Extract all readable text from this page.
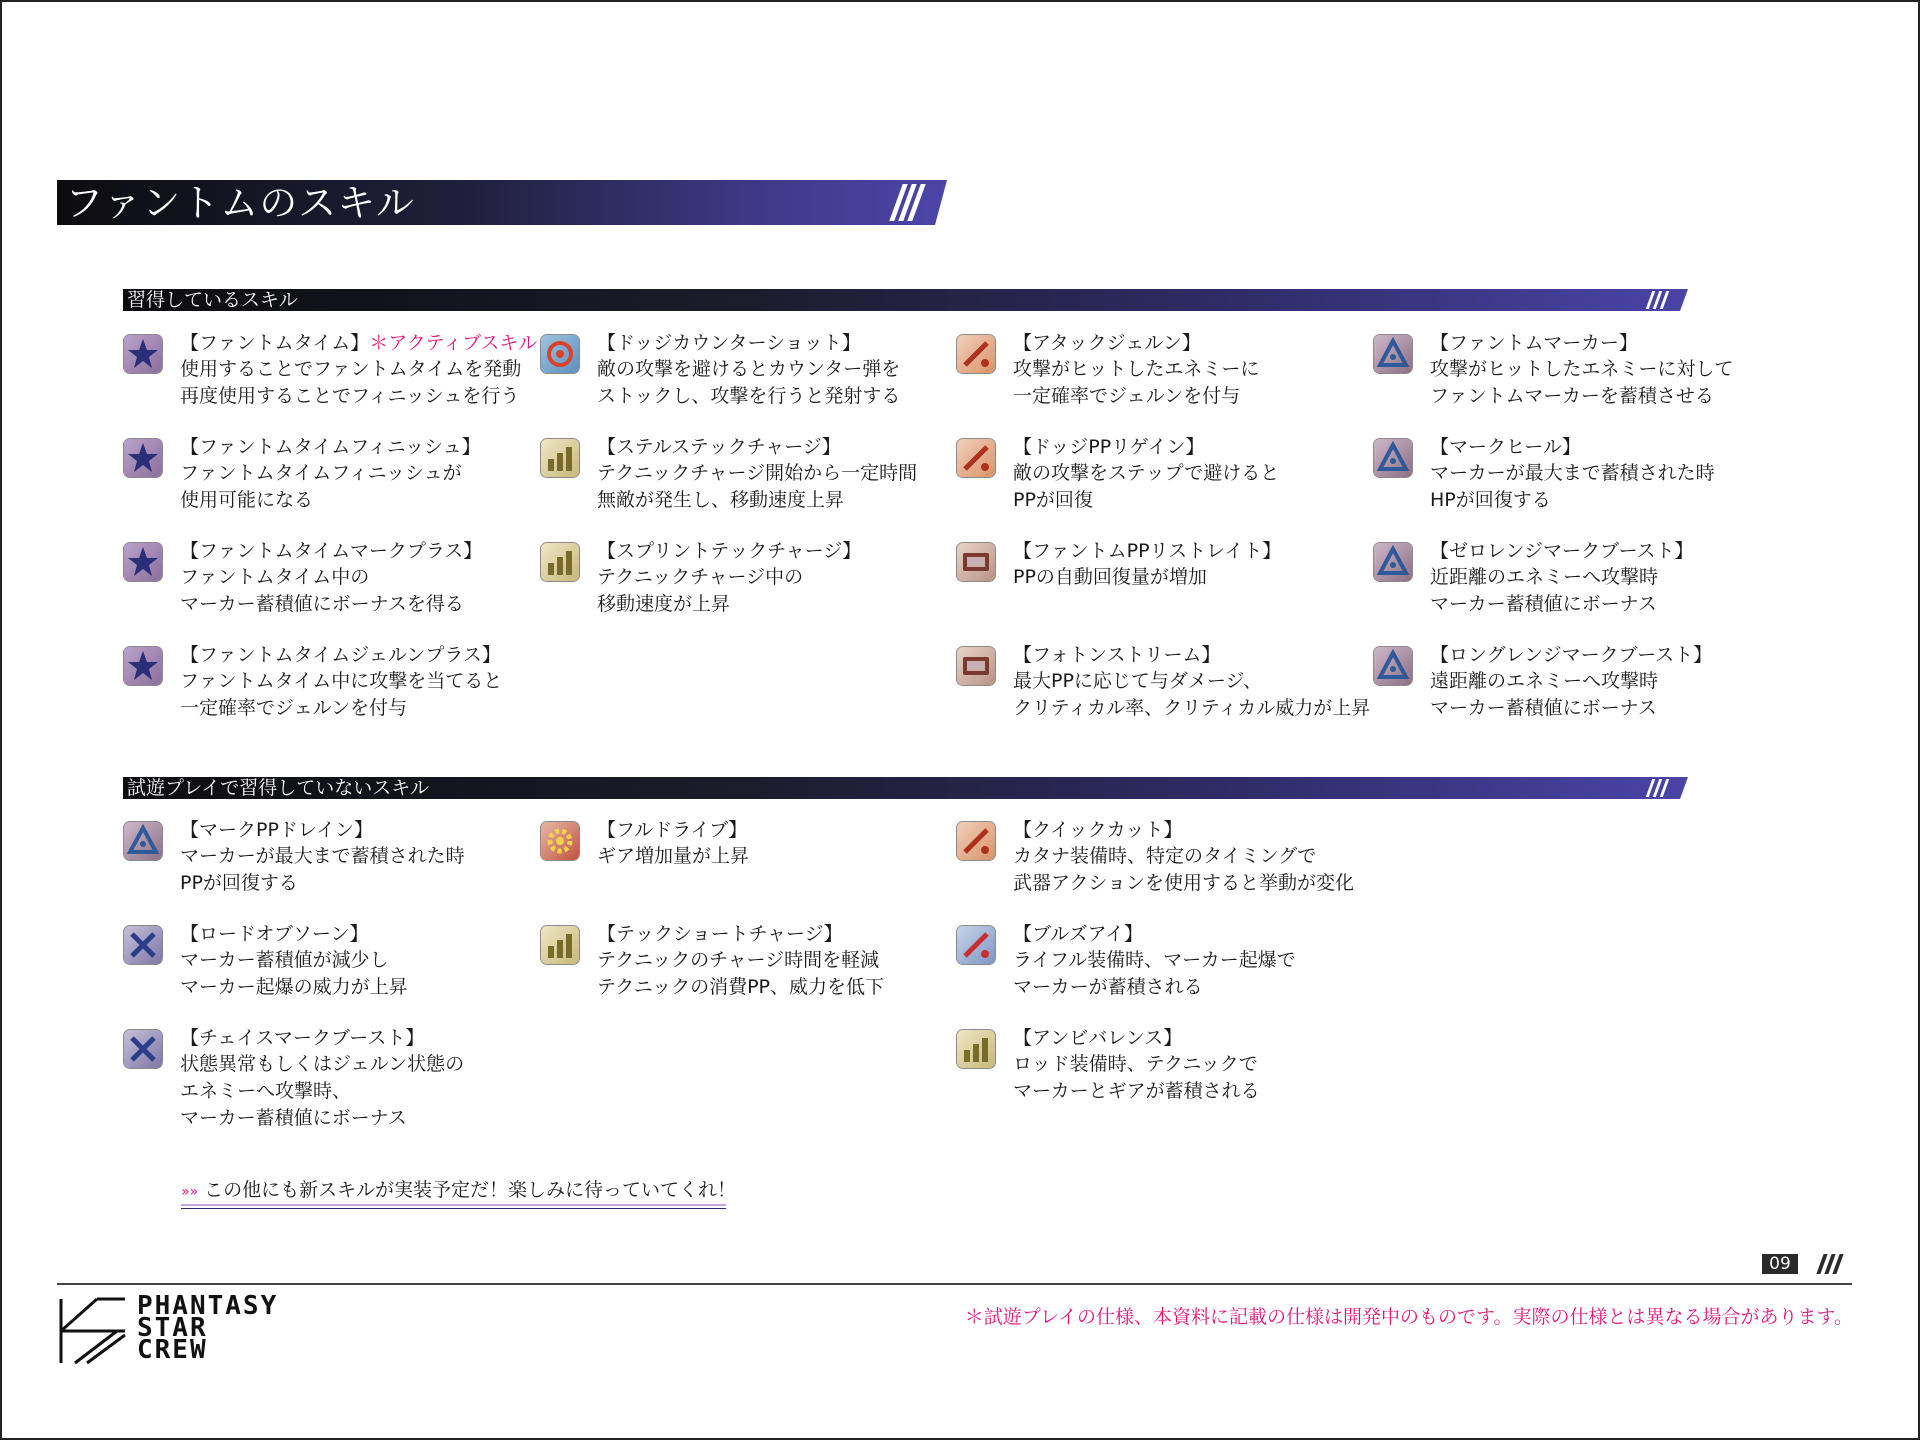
ファントムのスキル
習得しているスキル
試遊プレイで習得していないスキル
【ファントムタイム】＊アクティブスキル
使用することでファントムタイムを発動
再度使用することでフィニッシュを行う
【ファントムタイムフィニッシュ】
ファントムタイムフィニッシュが
使用可能になる
【ファントムタイムマークプラス】
ファントムタイム中の
マーカー蓄積値にボーナスを得る
【ファントムタイムジェルンプラス】
ファントムタイム中に攻撃を当てると
一定確率でジェルンを付与
【ドッジカウンターショット】
敵の攻撃を避けるとカウンター弾を
ストックし、攻撃を行うと発射する
【ステルステックチャージ】
テクニックチャージ開始から一定時間
無敵が発生し、移動速度上昇
【スプリントテックチャージ】
テクニックチャージ中の
移動速度が上昇
【アタックジェルン】
攻撃がヒットしたエネミーに
一定確率でジェルンを付与
【ドッジPPリゲイン】
敵の攻撃をステップで避けると
PPが回復
【ファントムPPリストレイト】
PPの自動回復量が増加
【フォトンストリーム】
最大PPに応じて与ダメージ、
クリティカル率、クリティカル威力が上昇
【ファントムマーカー】
攻撃がヒットしたエネミーに対して
ファントムマーカーを蓄積させる
【マークヒール】
マーカーが最大まで蓄積された時
HPが回復する
【ゼロレンジマークブースト】
近距離のエネミーへ攻撃時
マーカー蓄積値にボーナス
【ロングレンジマークブースト】
遠距離のエネミーへ攻撃時
マーカー蓄積値にボーナス
【マークPPドレイン】
マーカーが最大まで蓄積された時
PPが回復する
【ロードオブソーン】
マーカー蓄積値が減少し
マーカー起爆の威力が上昇
【チェイスマークブースト】
状態異常もしくはジェルン状態の
エネミーへ攻撃時、
マーカー蓄積値にボーナス
【フルドライブ】
ギア増加量が上昇
【テックショートチャージ】
テクニックのチャージ時間を軽減
テクニックの消費PP、威力を低下
【クイックカット】
カタナ装備時、特定のタイミングで
武器アクションを使用すると挙動が変化
【ブルズアイ】
ライフル装備時、マーカー起爆で
マーカーが蓄積される
【アンビバレンス】
ロッド装備時、テクニックで
マーカーとギアが蓄積される
»» この他にも新スキルが実装予定だ！楽しみに待っていてくれ！
09
PHANTASY
STAR
CREW
＊試遊プレイの仕様、本資料に記載の仕様は開発中のものです。実際の仕様とは異なる場合があります。
